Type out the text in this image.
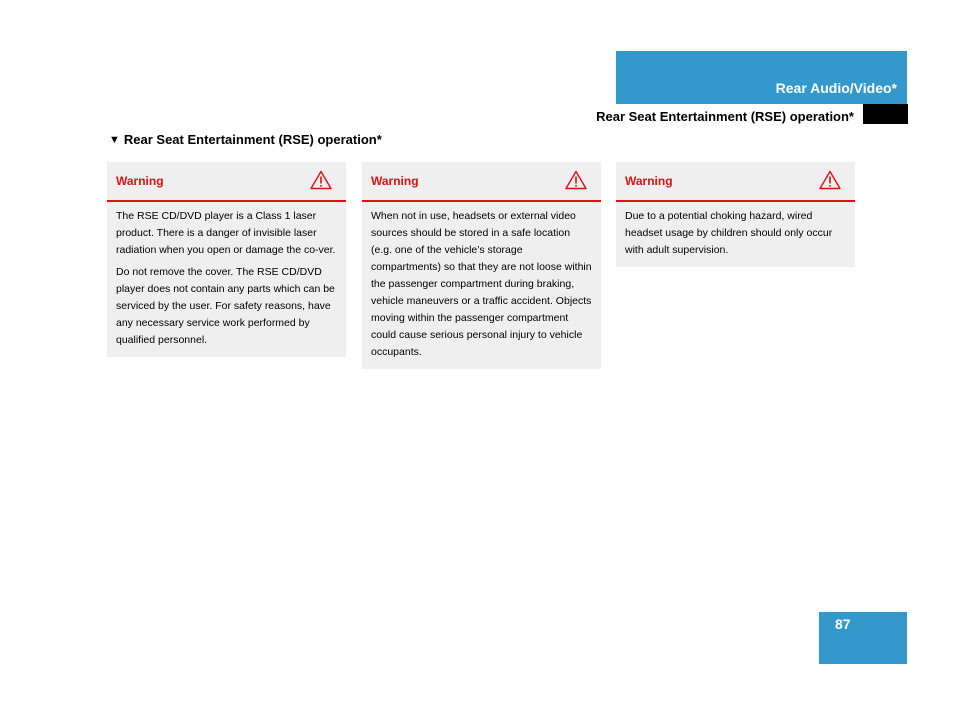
Rear Audio/Video*
Rear Seat Entertainment (RSE) operation*
▼ Rear Seat Entertainment (RSE) operation*
Warning

The RSE CD/DVD player is a Class 1 laser product. There is a danger of invisible laser radiation when you open or damage the co-ver.

Do not remove the cover. The RSE CD/DVD player does not contain any parts which can be serviced by the user. For safety reasons, have any necessary service work performed by qualified personnel.

Warning

When not in use, headsets or external video sources should be stored in a safe location (e.g. one of the vehicle’s storage compartments) so that they are not loose within the passenger compartment during braking, vehicle maneuvers or a traffic accident. Objects moving within the passenger compartment could cause serious personal injury to vehicle occupants.

Warning

Due to a potential choking hazard, wired headset usage by children should only occur with adult supervision.

87
